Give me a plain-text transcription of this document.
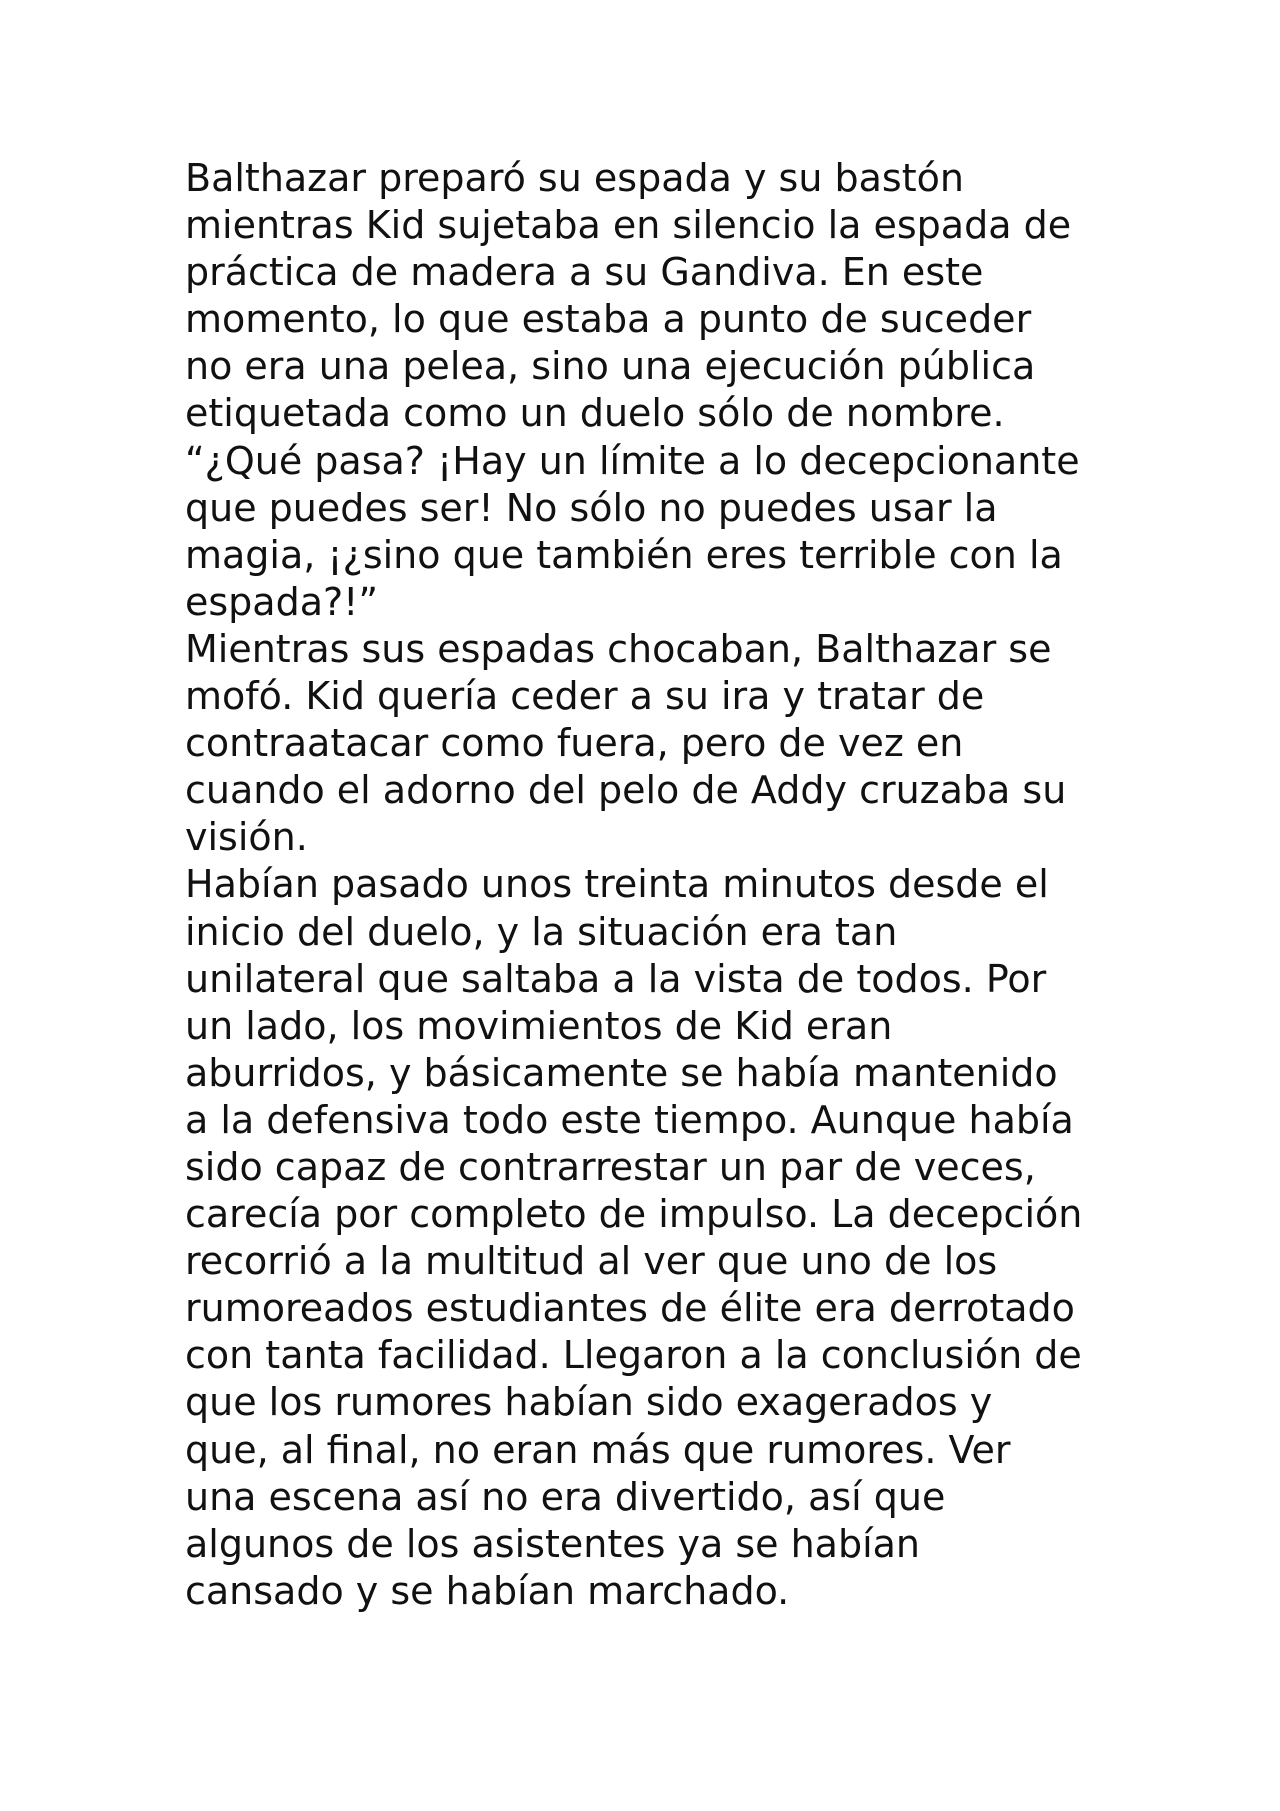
Balthazar preparó su espada y su bastón
mientras Kid sujetaba en silencio la espada de
práctica de madera a su Gandiva. En este
momento, lo que estaba a punto de suceder
no era una pelea, sino una ejecución pública
etiquetada como un duelo sólo de nombre.
“¿Qué pasa? ¡Hay un límite a lo decepcionante
que puedes ser! No sólo no puedes usar la
magia, ¡¿sino que también eres terrible con la
espada?!”
Mientras sus espadas chocaban, Balthazar se
mofó. Kid quería ceder a su ira y tratar de
contraatacar como fuera, pero de vez en
cuando el adorno del pelo de Addy cruzaba su
visión.
Habían pasado unos treinta minutos desde el
inicio del duelo, y la situación era tan
unilateral que saltaba a la vista de todos. Por
un lado, los movimientos de Kid eran
aburridos, y básicamente se había mantenido
a la defensiva todo este tiempo. Aunque había
sido capaz de contrarrestar un par de veces,
carecía por completo de impulso. La decepción
recorrió a la multitud al ver que uno de los
rumoreados estudiantes de élite era derrotado
con tanta facilidad. Llegaron a la conclusión de
que los rumores habían sido exagerados y
que, al final, no eran más que rumores. Ver
una escena así no era divertido, así que
algunos de los asistentes ya se habían
cansado y se habían marchado.
